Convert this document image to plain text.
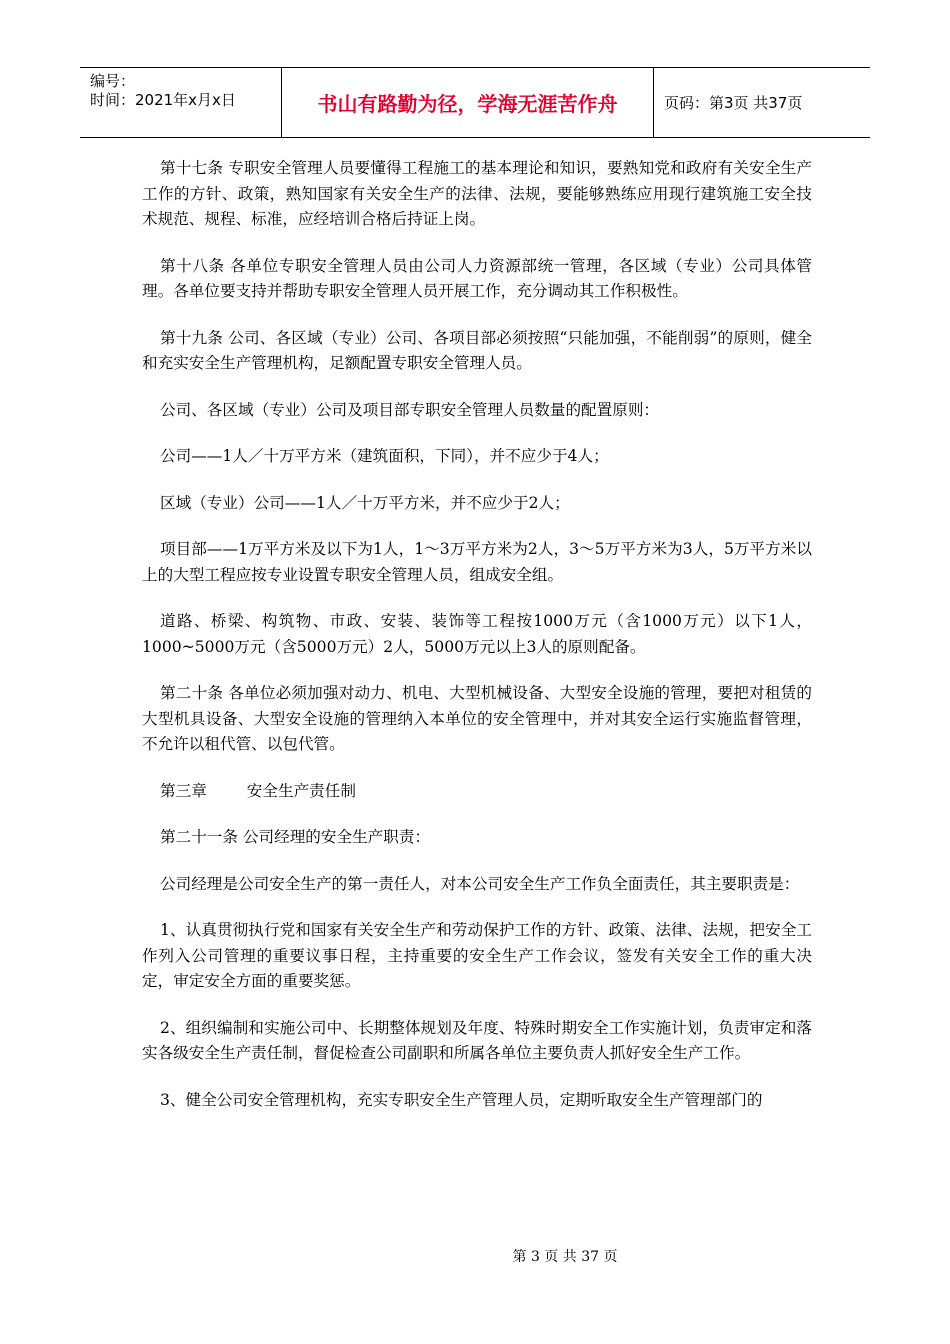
编号：
时间：2021年x月x日	书山有路勤为径，学海无涯苦作舟	页码：第3页 共37页

第十七条 专职安全管理人员要懂得工程施工的基本理论和知识，要熟知党和政府有关安全生产工作的方针、政策，熟知国家有关安全生产的法律、法规，要能够熟练应用现行建筑施工安全技术规范、规程、标准，应经培训合格后持证上岗。

第十八条 各单位专职安全管理人员由公司人力资源部统一管理，各区域（专业）公司具体管理。各单位要支持并帮助专职安全管理人员开展工作，充分调动其工作积极性。

第十九条 公司、各区域（专业）公司、各项目部必须按照“只能加强，不能削弱”的原则，健全和充实安全生产管理机构，足额配置专职安全管理人员。

公司、各区域（专业）公司及项目部专职安全管理人员数量的配置原则：

公司——1人／十万平方米（建筑面积，下同），并不应少于4人；

区域（专业）公司——1人／十万平方米，并不应少于2人；

项目部——1万平方米及以下为1人，1～3万平方米为2人，3～5万平方米为3人，5万平方米以上的大型工程应按专业设置专职安全管理人员，组成安全组。

道路、桥梁、构筑物、市政、安装、装饰等工程按1000万元（含1000万元）以下1人，1000~5000万元（含5000万元）2人，5000万元以上3人的原则配备。

第二十条 各单位必须加强对动力、机电、大型机械设备、大型安全设施的管理，要把对租赁的大型机具设备、大型安全设施的管理纳入本单位的安全管理中，并对其安全运行实施监督管理，不允许以租代管、以包代管。

第三章	安全生产责任制

第二十一条 公司经理的安全生产职责：

公司经理是公司安全生产的第一责任人，对本公司安全生产工作负全面责任，其主要职责是：

1、认真贯彻执行党和国家有关安全生产和劳动保护工作的方针、政策、法律、法规，把安全工作列入公司管理的重要议事日程，主持重要的安全生产工作会议，签发有关安全工作的重大决定，审定安全方面的重要奖惩。

2、组织编制和实施公司中、长期整体规划及年度、特殊时期安全工作实施计划，负责审定和落实各级安全生产责任制，督促检查公司副职和所属各单位主要负责人抓好安全生产工作。

3、健全公司安全管理机构，充实专职安全生产管理人员，定期听取安全生产管理部门的

第 3 页 共 37 页
